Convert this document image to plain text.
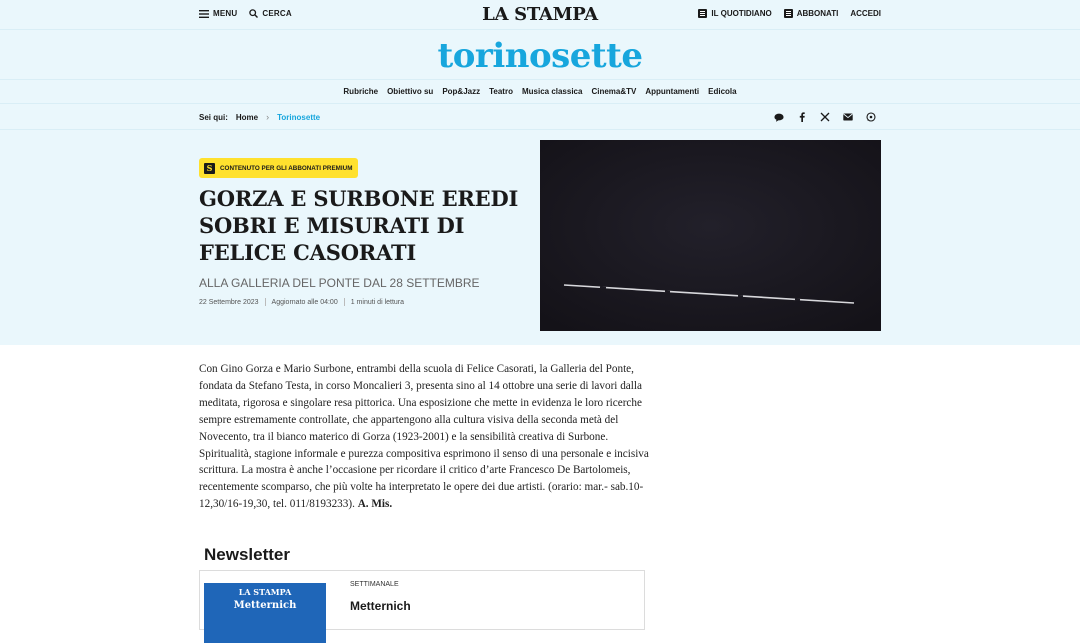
MENU	CERCA	LA STAMPA	IL QUOTIDIANO	ABBONATI ACCEDI
torinosette
Rubriche Obiettivo su Pop&Jazz Teatro Musica classica Cinema&TV Appuntamenti Edicola
Sei qui: Home › Torinosette
S	CONTENUTO PER GLI ABBONATI PREMIUM
GORZA E SURBONE EREDI SOBRI E MISURATI DI FELICE CASORATI
ALLA GALLERIA DEL PONTE DAL 28 SETTEMBRE
22 Settembre 2023 Aggiornato alle 04:00 1 minuti di lettura
Con Gino Gorza e Mario Surbone, entrambi della scuola di Felice Casorati, la Galleria del Ponte, fondata da Stefano Testa, in corso Moncalieri 3, presenta sino al 14 ottobre una serie di lavori dalla meditata, rigorosa e singolare resa pittorica. Una esposizione che mette in evidenza le loro ricerche sempre estremamente controllate, che appartengono alla cultura visiva della seconda metà del Novecento, tra il bianco materico di Gorza (1923-2001) e la sensibilità creativa di Surbone. Spiritualità, stagione informale e purezza compositiva esprimono il senso di una personale e incisiva scrittura. La mostra è anche l’occasione per ricordare il critico d’arte Francesco De Bartolomeis, recentemente scomparso, che più volte ha interpretato le opere dei due artisti. (orario: mar.- sab.10-12,30/16-19,30, tel. 011/8193233). A. Mis.
Newsletter
LA STAMPA
Metternich
SETTIMANALE
Metternich
